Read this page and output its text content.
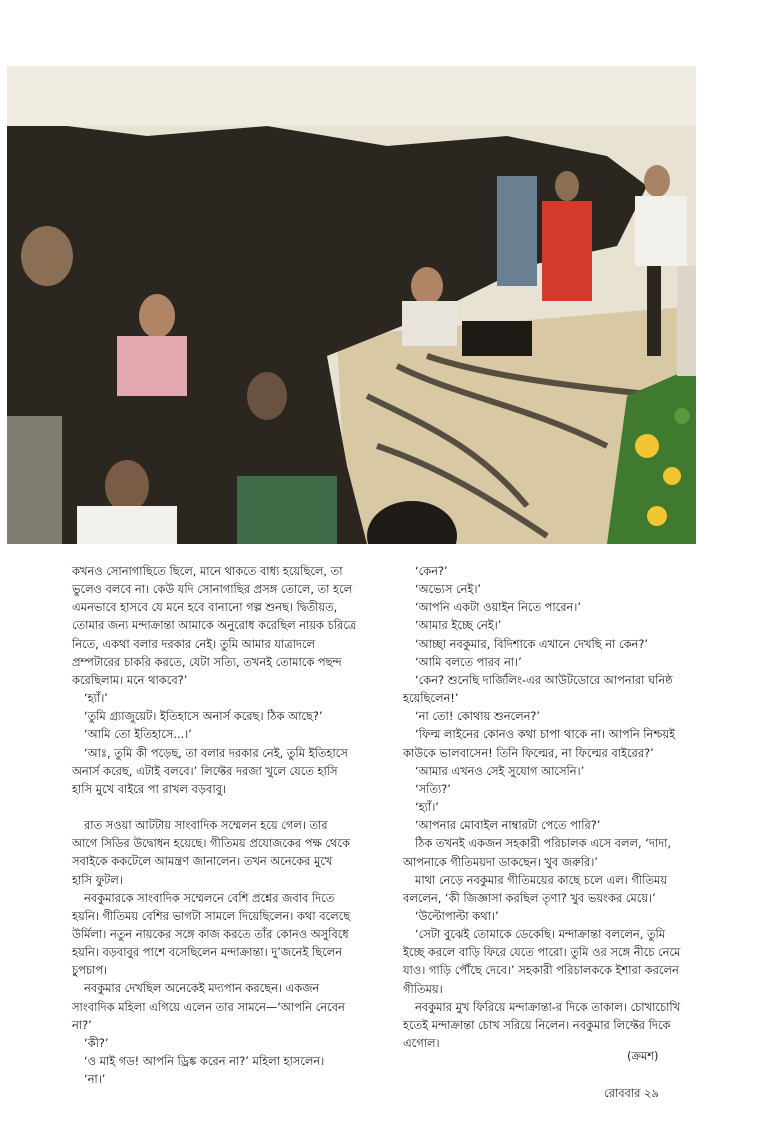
কখনও সোনাগাছিতে ছিলে, মানে থাকতে বাধ্য হয়েছিলে, তা

ভুলেও বলবে না। কেউ যদি সোনাগাছির প্রসঙ্গ তোলে, তা হলে

এমনভাবে হাসবে যে মনে হবে বানানো গল্প শুনছ। দ্বিতীয়ত,

তোমার জন্য মন্দাক্রান্তা আমাকে অনুরোধ করেছিল নায়ক চরিত্রে

নিতে, একথা বলার দরকার নেই। তুমি আমার যাত্রাদলে

প্রম্পটারের চাকরি করতে, যেটা সত্যি, তখনই তোমাকে পছন্দ

করেছিলাম। মনে থাকবে?’

‘হ্যাঁ।’

‘তুমি গ্র্যাজুয়েট। ইতিহাসে অনার্স করেছ। ঠিক আছে?’

‘আমি তো ইতিহাসে...।’

‘আঃ, তুমি কী পড়েছ, তা বলার দরকার নেই, তুমি ইতিহাসে

অনার্স করেছ, এটাই বলবে।’ লিফ্টের দরজা খুলে যেতে হাসি

হাসি মুখে বাইরে পা রাখল বড়বাবু।

রাত সওয়া আটটায় সাংবাদিক সম্মেলন হয়ে গেল। তার

আগে সিডির উদ্বোধন হয়েছে। গীতিময় প্রযোজকের পক্ষ থেকে

সবাইকে ককটেলে আমন্ত্রণ জানালেন। তখন অনেকের মুখে

হাসি ফুটল।

নবকুমারকে সাংবাদিক সম্মেলনে বেশি প্রশ্নের জবাব দিতে

হয়নি। গীতিময় বেশির ভাগটা সামলে দিয়েছিলেন। কথা বলেছে

উর্মিলা। নতুন নায়কের সঙ্গে কাজ করতে তাঁর কোনও অসুবিধে

হয়নি। বড়বাবুর পাশে বসেছিলেন মন্দাক্রান্তা। দু’জনেই ছিলেন

চুপচাপ।

নবকুমার দেখছিল অনেকেই মদ্যপান করছেন। একজন

সাংবাদিক মহিলা এগিয়ে এলেন তার সামনে—‘আপনি নেবেন

না?’

‘কী?’

‘ও মাই গড! আপনি ড্রিঙ্ক করেন না?’ মহিলা হাসলেন।

‘না।’

‘কেন?’

‘অভ্যেস নেই।’

‘আপনি একটা ওয়াইন নিতে পারেন।’

‘আমার ইচ্ছে নেই।’

‘আচ্ছা নবকুমার, বিদিশাকে এখানে দেখছি না কেন?’

‘আমি বলতে পারব না।’

‘কেন? শুনেছি দার্জিলিং-এর আউটডোরে আপনারা ঘনিষ্ঠ

হয়েছিলেন!’

‘না তো! কোথায় শুনলেন?’

‘ফিল্ম লাইনের কোনও কথা চাপা থাকে না। আপনি নিশ্চয়ই

কাউকে ভালবাসেন! তিনি ফিল্মের, না ফিল্মের বাইরের?’

‘আমার এখনও সেই সুযোগ আসেনি।’

‘সত্যি?’

‘হ্যাঁ।’

‘আপনার মোবাইল নাম্বারটা পেতে পারি?’

ঠিক তখনই একজন সহকারী পরিচালক এসে বলল, ‘দাদা,

আপনাকে গীতিময়দা ডাকছেন। খুব জরুরি।’

মাথা নেড়ে নবকুমার গীতিময়ের কাছে চলে এল। গীতিময়

বললেন, ‘কী জিজ্ঞাসা করছিল তৃণা? খুব ভয়ংকর মেয়ে।’

‘উল্টোপাল্টা কথা।’

‘সেটা বুঝেই তোমাকে ডেকেছি। মন্দাক্রান্তা বললেন, তুমি

ইচ্ছে করলে বাড়ি ফিরে যেতে পারো। তুমি ওর সঙ্গে নীচে নেমে

যাও। গাড়ি পৌঁছে দেবে।’ সহকারী পরিচালককে ইশারা করলেন

গীতিময়।

নবকুমার মুখ ফিরিয়ে মন্দাক্রান্তা-র দিকে তাকাল। চোখাচোখি

হতেই মন্দাক্রান্তা চোখ সরিয়ে নিলেন। নবকুমার লিফ্টের দিকে

এগোল।

(ক্রমশ)
রোববার ২৯
